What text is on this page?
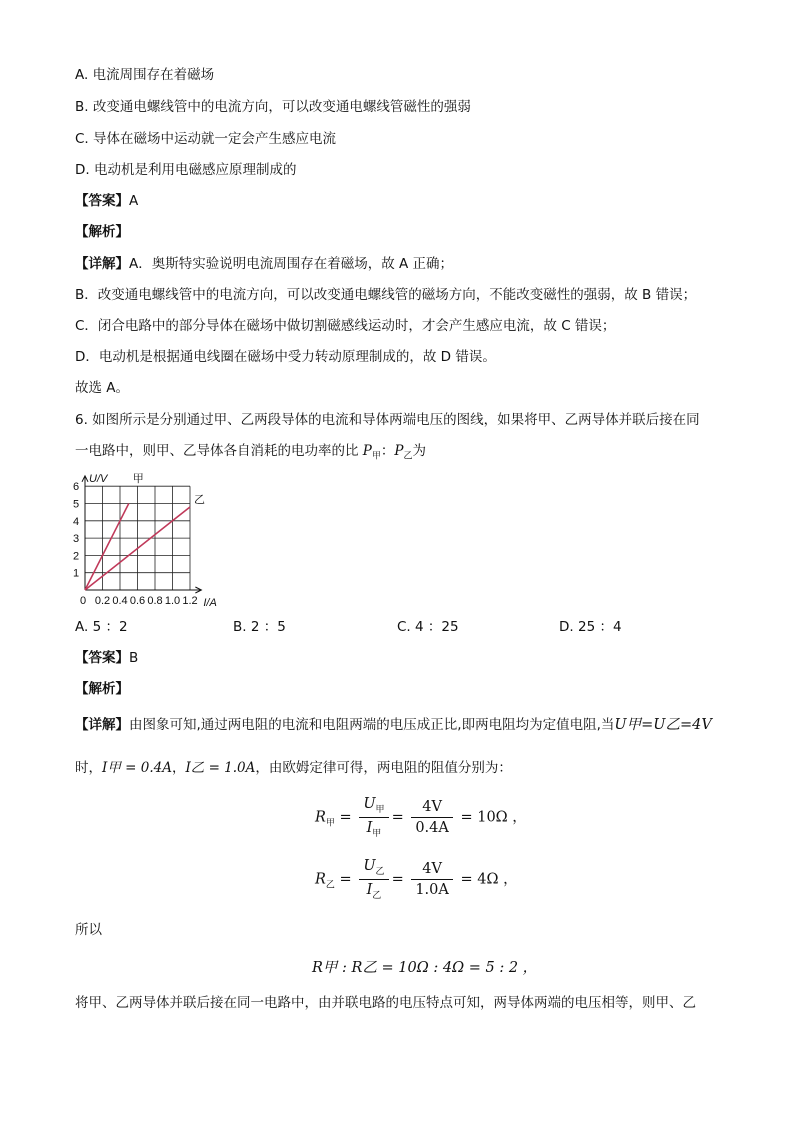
A. 电流周围存在着磁场
B. 改变通电螺线管中的电流方向，可以改变通电螺线管磁性的强弱
C. 导体在磁场中运动就一定会产生感应电流
D. 电动机是利用电磁感应原理制成的
【答案】A
【解析】
【详解】A．奥斯特实验说明电流周围存在着磁场，故 A 正确；
B．改变通电螺线管中的电流方向，可以改变通电螺线管的磁场方向，不能改变磁性的强弱，故 B 错误；
C．闭合电路中的部分导体在磁场中做切割磁感线运动时，才会产生感应电流，故 C 错误；
D．电动机是根据通电线圈在磁场中受力转动原理制成的，故 D 错误。
故选 A。
6. 如图所示是分别通过甲、乙两段导体的电流和导体两端电压的图线，如果将甲、乙两导体并联后接在同
一电路中，则甲、乙导体各自消耗的电功率的比 $P_甲$：$P_乙$为
1
2
3
4
5
6
0 0.2 0.4 0.6 0.8 1.0 1.2 I/A
U/V 甲
乙
A. 5 ：2	B. 2 ：5	C. 4 ：25	D. 25 ：4
【答案】B
【解析】
【详解】由图象可知,通过两电阻的电流和电阻两端的电压成正比,即两电阻均为定值电阻,当U甲=U乙=4V
时，I甲 = 0.4A，I乙 = 1.0A，由欧姆定律可得，两电阻的阻值分别为：
$R_甲 = \frac{U_甲}{I_甲} = \frac{4V}{0.4A} = 10\Omega$ ，
$R_乙 = \frac{U_乙}{I_乙} = \frac{4V}{1.0A} = 4\Omega$ ，
所以
R甲 : R乙 = 10Ω : 4Ω = 5 : 2 ，
将甲、乙两导体并联后接在同一电路中，由并联电路的电压特点可知，两导体两端的电压相等，则甲、乙
